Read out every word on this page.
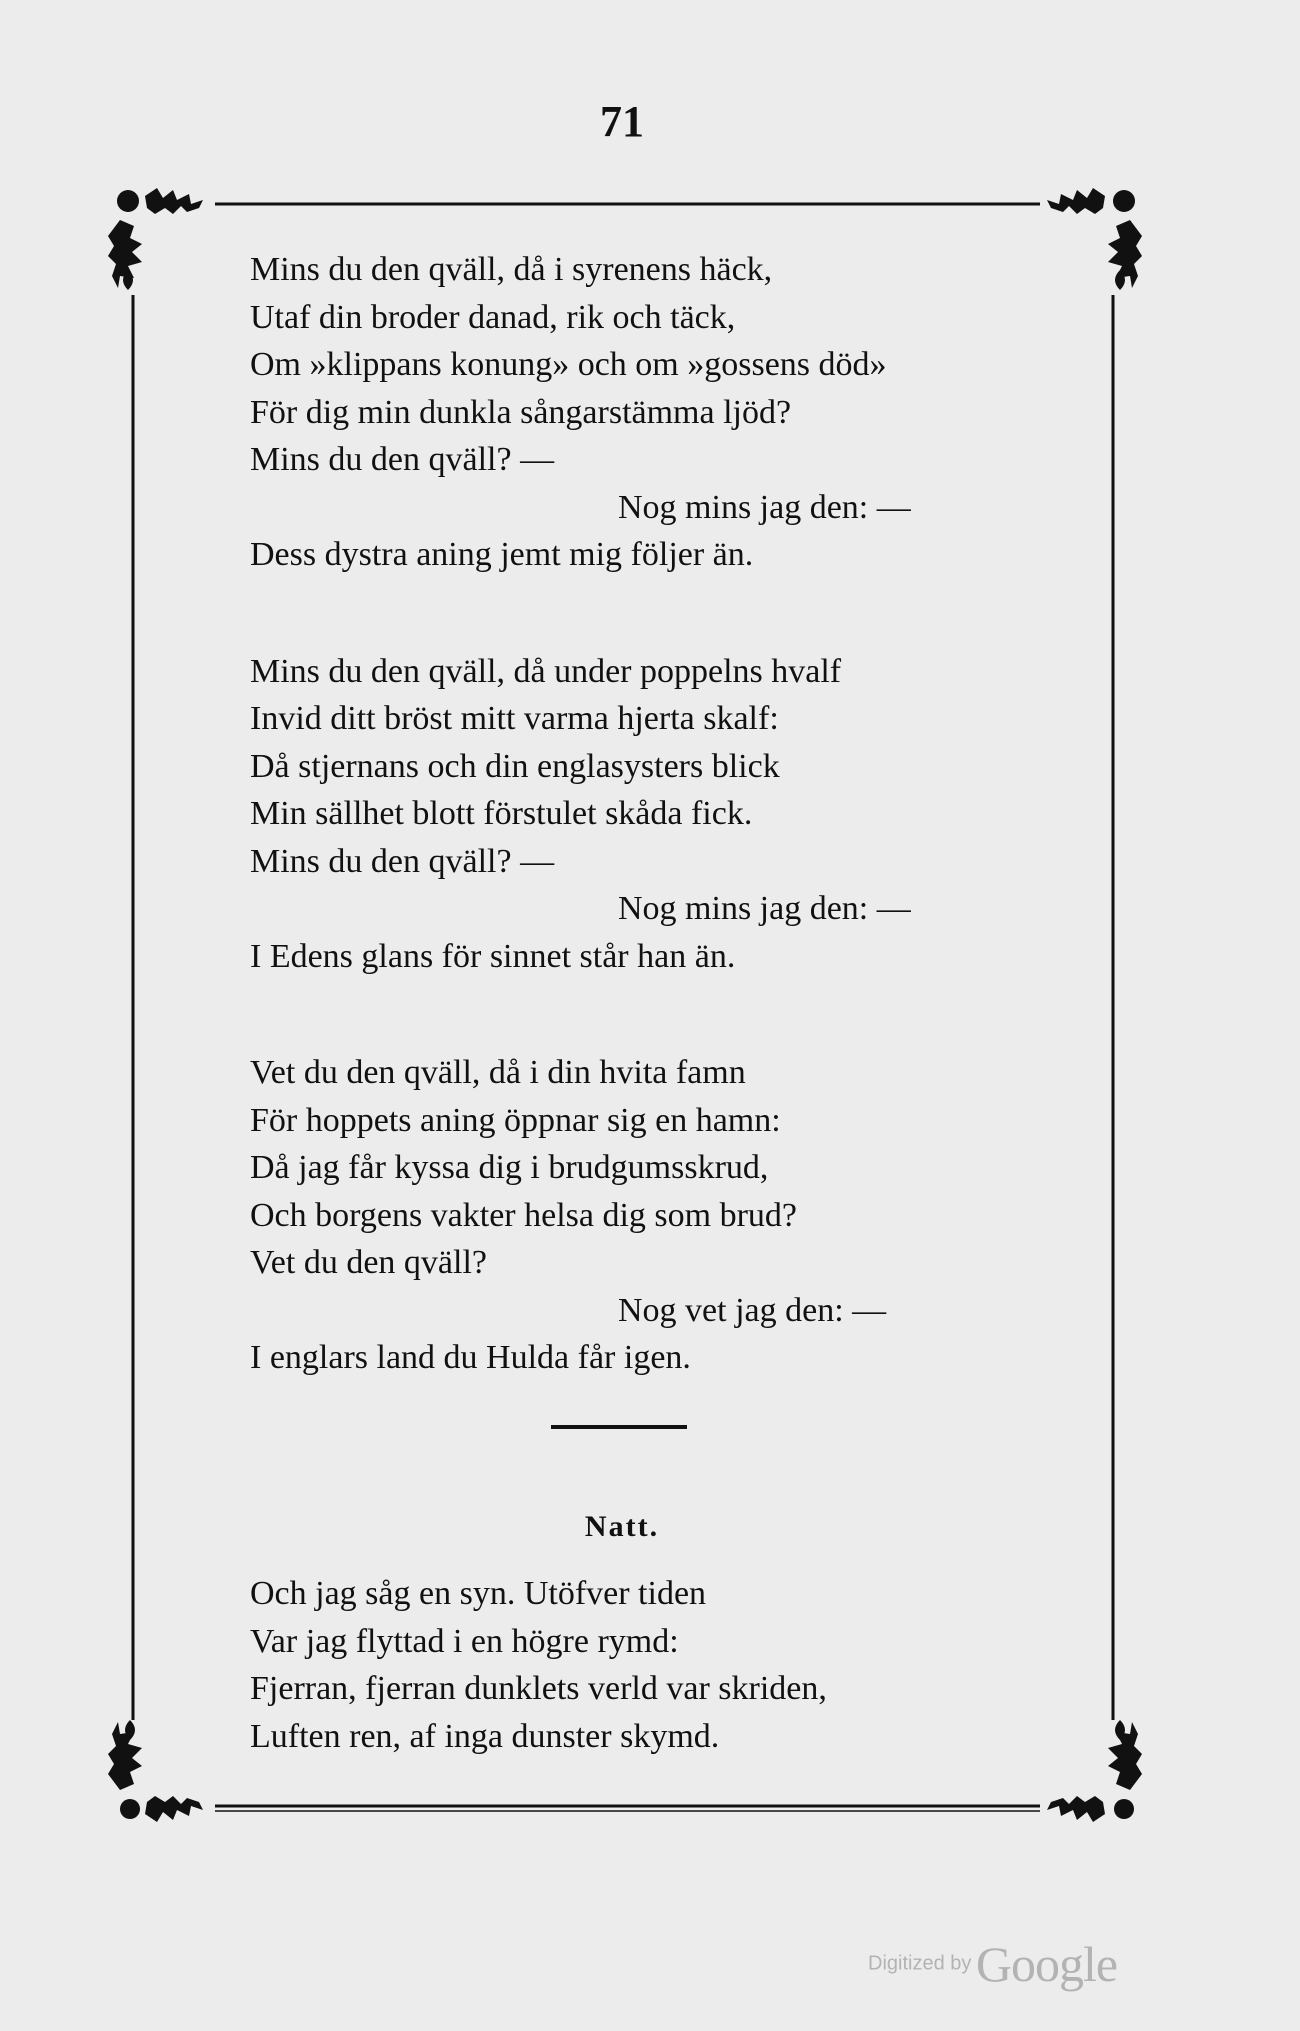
71
Mins du den qväll, då i syrenens häck,
Utaf din broder danad, rik och täck,
Om »klippans konung» och om »gossens död»
För dig min dunkla sångarstämma ljöd?
Mins du den qväll? —
Nog mins jag den: —
Dess dystra aning jemt mig följer än.
Mins du den qväll, då under poppelns hvalf
Invid ditt bröst mitt varma hjerta skalf:
Då stjernans och din englasysters blick
Min sällhet blott förstulet skåda fick.
Mins du den qväll? —
Nog mins jag den: —
I Edens glans för sinnet står han än.
Vet du den qväll, då i din hvita famn
För hoppets aning öppnar sig en hamn:
Då jag får kyssa dig i brudgumsskrud,
Och borgens vakter helsa dig som brud?
Vet du den qväll?
Nog vet jag den: —
I englars land du Hulda får igen.
Natt.
Och jag såg en syn. Utöfver tiden
Var jag flyttad i en högre rymd:
Fjerran, fjerran dunklets verld var skriden,
Luften ren, af inga dunster skymd.
Digitized by Google
